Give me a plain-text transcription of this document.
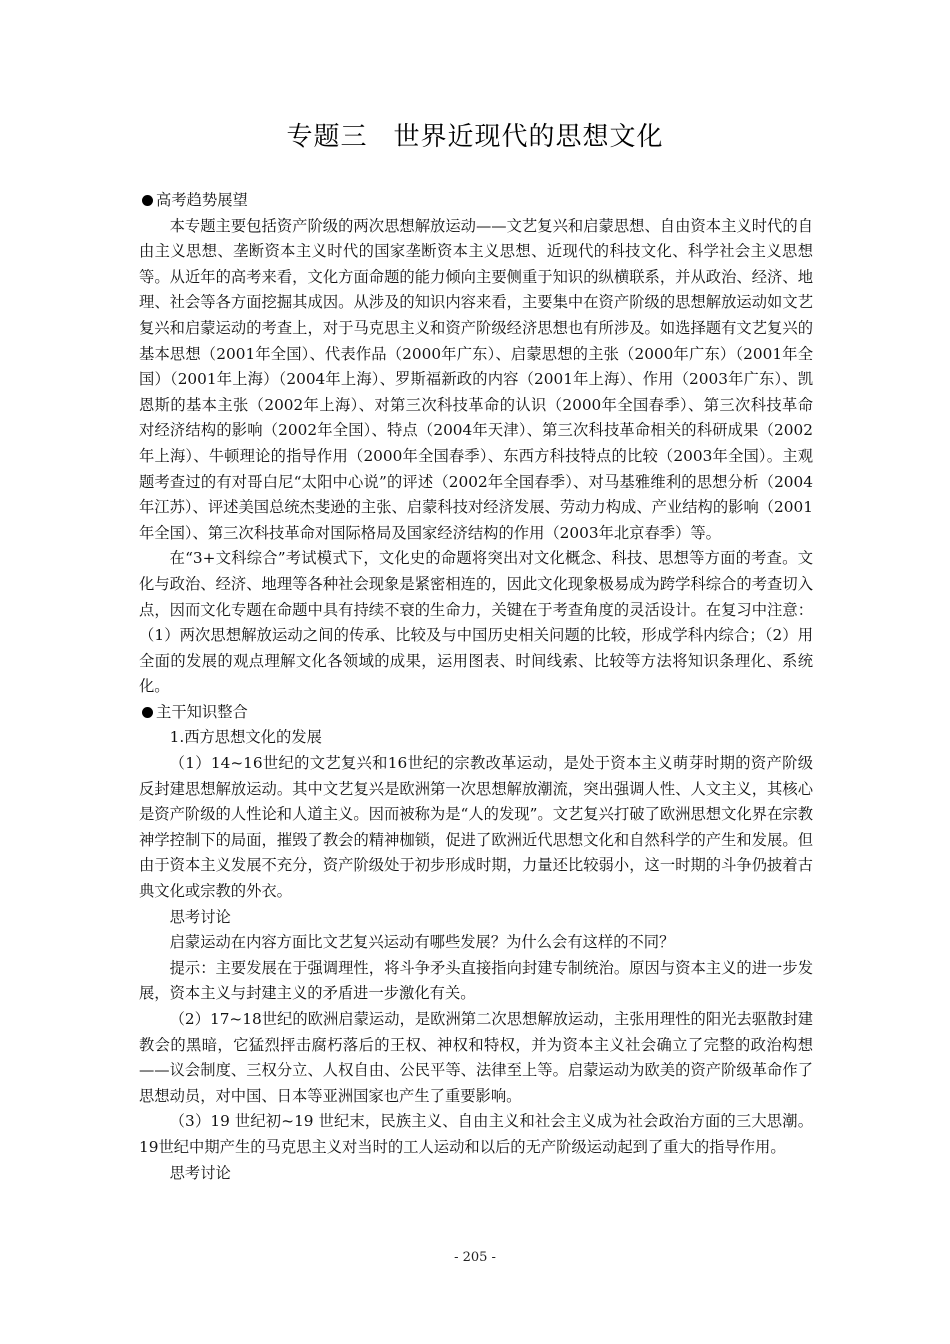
专题三 世界近现代的思想文化

高考趋势展望

本专题主要包括资产阶级的两次思想解放运动——文艺复兴和启蒙思想、自由资本主义时代的自由主义思想、垄断资本主义时代的国家垄断资本主义思想、近现代的科技文化、科学社会主义思想等。从近年的高考来看，文化方面命题的能力倾向主要侧重于知识的纵横联系，并从政治、经济、地理、社会等各方面挖掘其成因。从涉及的知识内容来看，主要集中在资产阶级的思想解放运动如文艺复兴和启蒙运动的考查上，对于马克思主义和资产阶级经济思想也有所涉及。如选择题有文艺复兴的基本思想（2001年全国）、代表作品（2000年广东）、启蒙思想的主张（2000年广东）（2001年全国）（2001年上海）（2004年上海）、罗斯福新政的内容（2001年上海）、作用（2003年广东）、凯恩斯的基本主张（2002年上海）、对第三次科技革命的认识（2000年全国春季）、第三次科技革命对经济结构的影响（2002年全国）、特点（2004年天津）、第三次科技革命相关的科研成果（2002年上海）、牛顿理论的指导作用（2000年全国春季）、东西方科技特点的比较（2003年全国）。主观题考查过的有对哥白尼“太阳中心说”的评述（2002年全国春季）、对马基雅维利的思想分析（2004年江苏）、评述美国总统杰斐逊的主张、启蒙科技对经济发展、劳动力构成、产业结构的影响（2001 年全国）、第三次科技革命对国际格局及国家经济结构的作用（2003年北京春季）等。

在“3+文科综合”考试模式下，文化史的命题将突出对文化概念、科技、思想等方面的考查。文化与政治、经济、地理等各种社会现象是紧密相连的，因此文化现象极易成为跨学科综合的考查切入点，因而文化专题在命题中具有持续不衰的生命力，关键在于考查角度的灵活设计。在复习中注意：（1）两次思想解放运动之间的传承、比较及与中国历史相关问题的比较，形成学科内综合；（2）用全面的发展的观点理解文化各领域的成果，运用图表、时间线索、比较等方法将知识条理化、系统化。

主干知识整合

1.西方思想文化的发展

（1）14~16世纪的文艺复兴和16世纪的宗教改革运动，是处于资本主义萌芽时期的资产阶级反封建思想解放运动。其中文艺复兴是欧洲第一次思想解放潮流，突出强调人性、人文主义，其核心是资产阶级的人性论和人道主义。因而被称为是“人的发现”。文艺复兴打破了欧洲思想文化界在宗教神学控制下的局面，摧毁了教会的精神枷锁，促进了欧洲近代思想文化和自然科学的产生和发展。但由于资本主义发展不充分，资产阶级处于初步形成时期，力量还比较弱小，这一时期的斗争仍披着古典文化或宗教的外衣。

思考讨论

启蒙运动在内容方面比文艺复兴运动有哪些发展？为什么会有这样的不同？

提示：主要发展在于强调理性，将斗争矛头直接指向封建专制统治。原因与资本主义的进一步发展，资本主义与封建主义的矛盾进一步激化有关。

（2）17~18世纪的欧洲启蒙运动，是欧洲第二次思想解放运动，主张用理性的阳光去驱散封建教会的黑暗，它猛烈抨击腐朽落后的王权、神权和特权，并为资本主义社会确立了完整的政治构想——议会制度、三权分立、人权自由、公民平等、法律至上等。启蒙运动为欧美的资产阶级革命作了思想动员，对中国、日本等亚洲国家也产生了重要影响。

（3）19 世纪初~19 世纪末，民族主义、自由主义和社会主义成为社会政治方面的三大思潮。19世纪中期产生的马克思主义对当时的工人运动和以后的无产阶级运动起到了重大的指导作用。

思考讨论

- 205 -
